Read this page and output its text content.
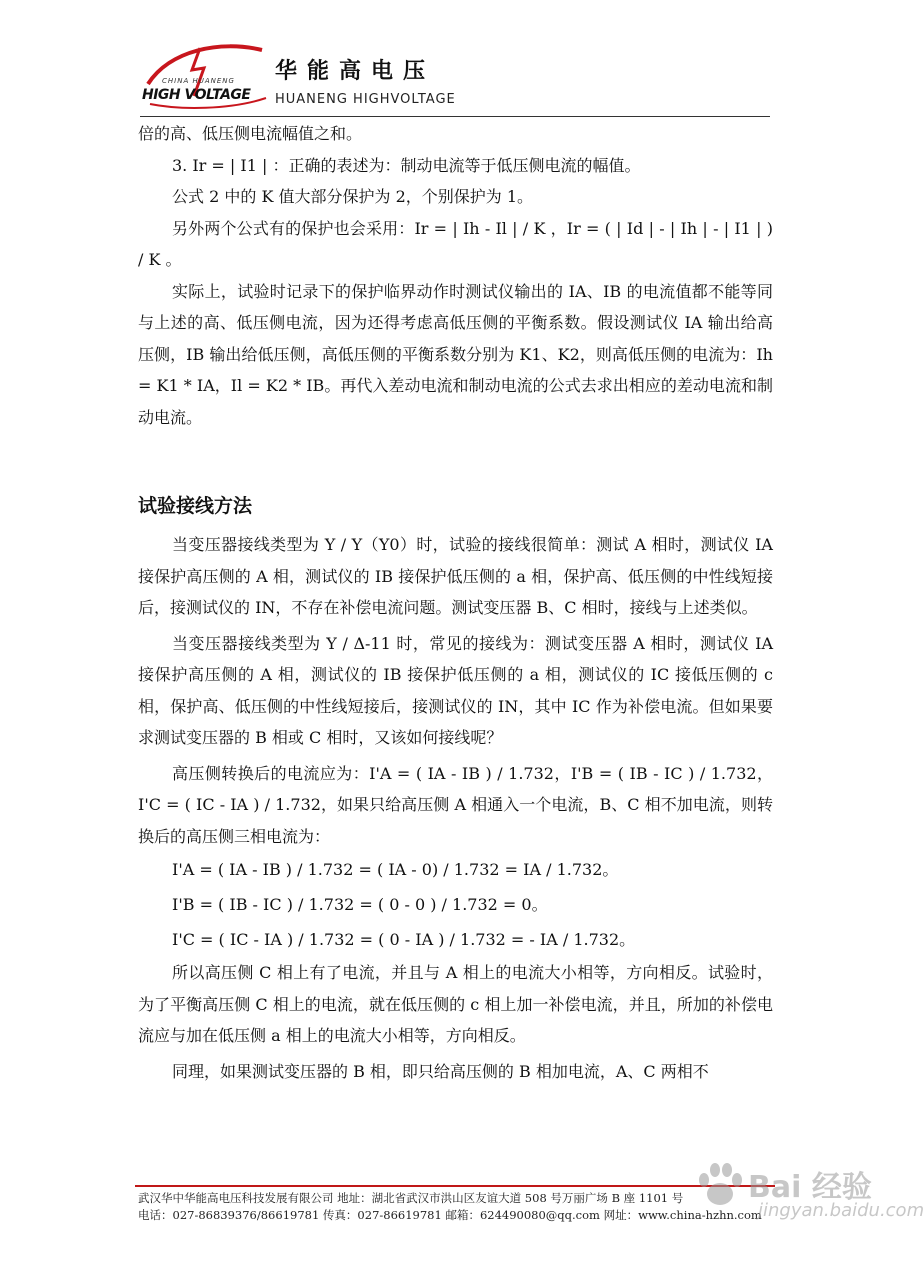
CHINA HUANENG
HIGH VOLTAGE
华能高电压
HUANENG HIGHVOLTAGE

倍的高、低压侧电流幅值之和。

3. Ir = | I1 | ：正确的表述为：制动电流等于低压侧电流的幅值。

公式 2 中的 K 值大部分保护为 2，个别保护为 1。

另外两个公式有的保护也会采用：Ir = | Ih - Il | / K ，Ir = ( | Id | - | Ih | - | I1 | ) / K 。

实际上，试验时记录下的保护临界动作时测试仪输出的 IA、IB 的电流值都不能等同与上述的高、低压侧电流，因为还得考虑高低压侧的平衡系数。假设测试仪 IA 输出给高压侧，IB 输出给低压侧，高低压侧的平衡系数分别为 K1、K2，则高低压侧的电流为：Ih = K1 * IA，Il = K2 * IB。再代入差动电流和制动电流的公式去求出相应的差动电流和制动电流。

试验接线方法

当变压器接线类型为 Y / Y（Y0）时，试验的接线很简单：测试 A 相时，测试仪 IA 接保护高压侧的 A 相，测试仪的 IB 接保护低压侧的 a 相，保护高、低压侧的中性线短接后，接测试仪的 IN，不存在补偿电流问题。测试变压器 B、C 相时，接线与上述类似。

当变压器接线类型为 Y / Δ-11 时，常见的接线为：测试变压器 A 相时，测试仪 IA 接保护高压侧的 A 相，测试仪的 IB 接保护低压侧的 a 相，测试仪的 IC 接低压侧的 c 相，保护高、低压侧的中性线短接后，接测试仪的 IN，其中 IC 作为补偿电流。但如果要求测试变压器的 B 相或 C 相时，又该如何接线呢？

高压侧转换后的电流应为：I'A = ( IA - IB ) / 1.732，I'B = ( IB - IC ) / 1.732，I'C = ( IC - IA ) / 1.732，如果只给高压侧 A 相通入一个电流，B、C 相不加电流，则转换后的高压侧三相电流为：

I'A = ( IA - IB ) / 1.732 = ( IA - 0) / 1.732 = IA / 1.732。

I'B = ( IB - IC ) / 1.732 = ( 0 - 0 ) / 1.732 = 0。

I'C = ( IC - IA ) / 1.732 = ( 0 - IA ) / 1.732 = - IA / 1.732。

所以高压侧 C 相上有了电流，并且与 A 相上的电流大小相等，方向相反。试验时，为了平衡高压侧 C 相上的电流，就在低压侧的 c 相上加一补偿电流，并且，所加的补偿电流应与加在低压侧 a 相上的电流大小相等，方向相反。

同理，如果测试变压器的 B 相，即只给高压侧的 B 相加电流，A、C 两相不

武汉华中华能高电压科技发展有限公司 地址：湖北省武汉市洪山区友谊大道 508 号万丽广场 B 座 1101 号
电话：027-86839376/86619781 传真：027-86619781 邮箱：624490080@qq.com 网址：www.china-hzhn.com
Bai 经验
jingyan.baidu.com
